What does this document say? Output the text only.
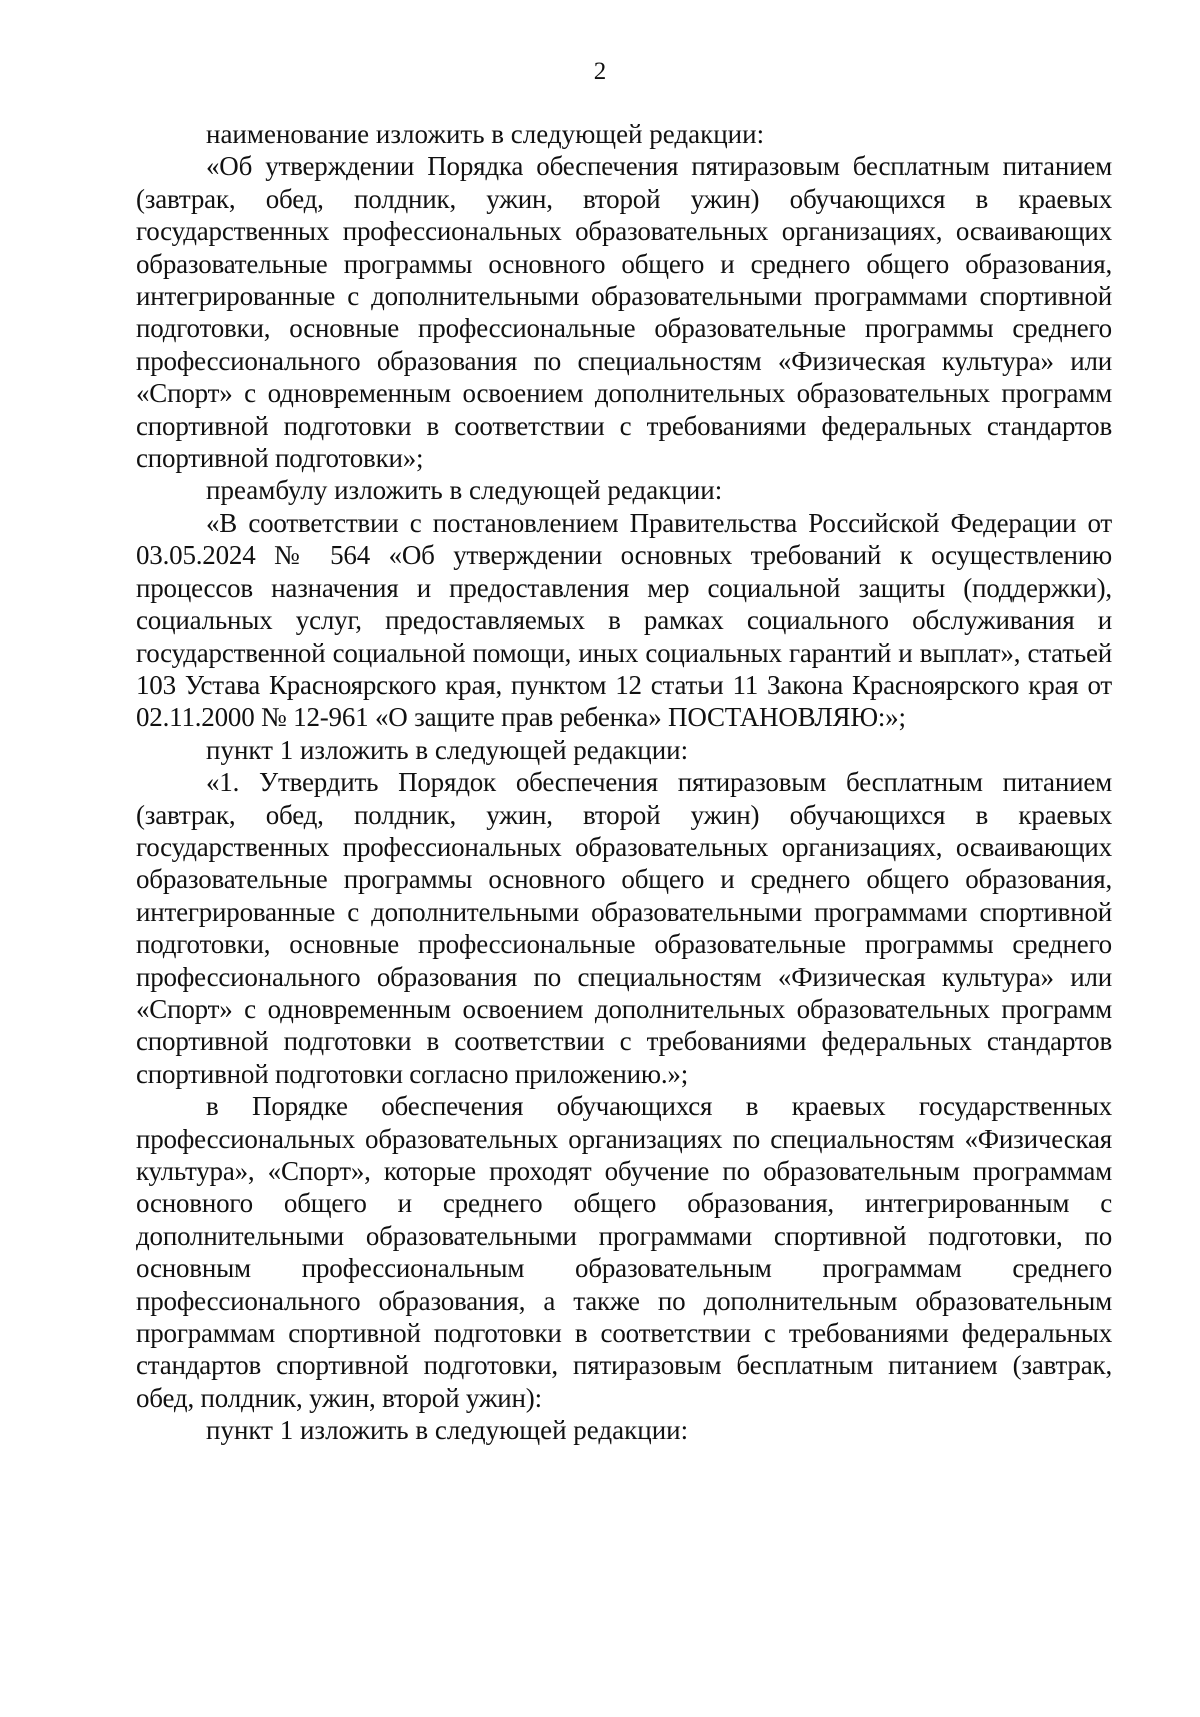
2

наименование изложить в следующей редакции:

«Об утверждении Порядка обеспечения пятиразовым бесплатным питанием (завтрак, обед, полдник, ужин, второй ужин) обучающихся в краевых государственных профессиональных образовательных организациях, осваивающих образовательные программы основного общего и среднего общего образования, интегрированные с дополнительными образовательными программами спортивной подготовки, основные профессиональные образовательные программы среднего профессионального образования по специальностям «Физическая культура» или «Спорт» с одновременным освоением дополнительных образовательных программ спортивной подготовки в соответствии с требованиями федеральных стандартов спортивной подготовки»;

преамбулу изложить в следующей редакции:

«В соответствии с постановлением Правительства Российской Федерации от 03.05.2024 № 564 «Об утверждении основных требований к осуществлению процессов назначения и предоставления мер социальной защиты (поддержки), социальных услуг, предоставляемых в рамках социального обслуживания и государственной социальной помощи, иных социальных гарантий и выплат», статьей 103 Устава Красноярского края, пунктом 12 статьи 11 Закона Красноярского края от 02.11.2000 № 12-961 «О защите прав ребенка» ПОСТАНОВЛЯЮ:»;

пункт 1 изложить в следующей редакции:

«1. Утвердить Порядок обеспечения пятиразовым бесплатным питанием (завтрак, обед, полдник, ужин, второй ужин) обучающихся в краевых государственных профессиональных образовательных организациях, осваивающих образовательные программы основного общего и среднего общего образования, интегрированные с дополнительными образовательными программами спортивной подготовки, основные профессиональные образовательные программы среднего профессионального образования по специальностям «Физическая культура» или «Спорт» с одновременным освоением дополнительных образовательных программ спортивной подготовки в соответствии с требованиями федеральных стандартов спортивной подготовки согласно приложению.»;

в Порядке обеспечения обучающихся в краевых государственных профессиональных образовательных организациях по специальностям «Физическая культура», «Спорт», которые проходят обучение по образовательным программам основного общего и среднего общего образования, интегрированным с дополнительными образовательными программами спортивной подготовки, по основным профессиональным образовательным программам среднего профессионального образования, а также по дополнительным образовательным программам спортивной подготовки в соответствии с требованиями федеральных стандартов спортивной подготовки, пятиразовым бесплатным питанием (завтрак, обед, полдник, ужин, второй ужин):

пункт 1 изложить в следующей редакции:
